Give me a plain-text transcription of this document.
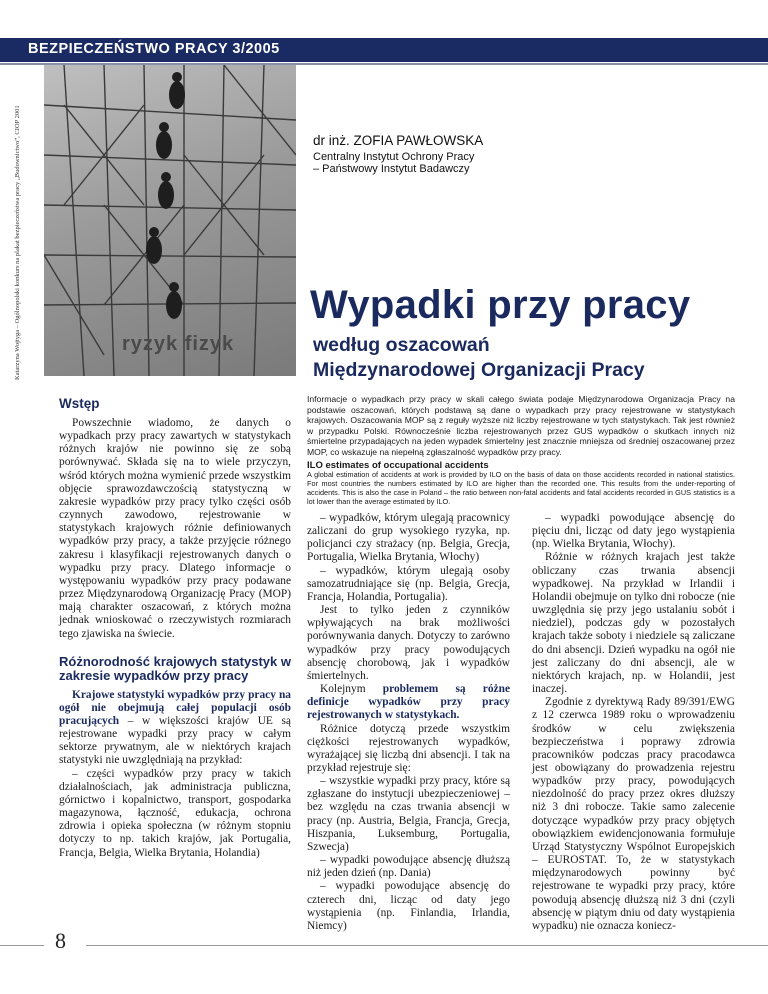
BEZPIECZEŃSTWO PRACY 3/2005
ryzyk fizyk
Katarzyna Wojtyga – Ogólnopolski konkurs na plakat bezpieczeństwa pracy „Budownictwo”, CIOP 2001	dr inż. ZOFIA PAWŁOWSKA
Centralny Instytut Ochrony Pracy
– Państwowy Instytut Badawczy
Wypadki przy pracy
według oszacowań
Międzynarodowej Organizacji Pracy
Informacje o wypadkach przy pracy w skali całego świata podaje Międzynarodowa Organizacja Pracy na podstawie oszacowań, których podstawą są dane o wypadkach przy pracy rejestrowane w statystykach krajowych. Oszacowania MOP są z reguły wyższe niż liczby rejestrowane w tych statystykach. Tak jest również w przypadku Polski. Równocześnie liczba rejestrowanych przez GUS wypadków o skutkach innych niż śmiertelne przypadających na jeden wypadek śmiertelny jest znacznie mniejsza od średniej oszacowanej przez MOP, co wskazuje na niepełną zgłaszalność wypadków przy pracy.
ILO estimates of occupational accidents
A global estimation of accidents at work is provided by ILO on the basis of data on those accidents recorded in national statistics. For most countries the numbers estimated by ILO are higher than the recorded one. This results from the under-reporting of accidents. This is also the case in Poland – the ratio between non-fatal accidents and fatal accidents recorded in GUS statistics is a lot lower than the average estimated by ILO.

Wstęp

Powszechnie wiadomo, że danych o wypadkach przy pracy zawartych w statystykach różnych krajów nie powinno się ze sobą porównywać. Składa się na to wiele przyczyn, wśród których można wymienić przede wszystkim objęcie sprawozdawczością statystyczną w zakresie wypadków przy pracy tylko części osób czynnych zawodowo, rejestrowanie w statystykach krajowych różnie definiowanych wypadków przy pracy, a także przyjęcie różnego zakresu i klasyfikacji rejestrowanych danych o wypadku przy pracy. Dlatego informacje o występowaniu wypadków przy pracy podawane przez Międzynarodową Organizację Pracy (MOP) mają charakter oszacowań, z których można jednak wnioskować o rzeczywistych rozmiarach tego zjawiska na świecie.

Różnorodność krajowych statystyk w zakresie wypadków przy pracy

Krajowe statystyki wypadków przy pracy na ogół nie obejmują całej populacji osób pracujących – w większości krajów UE są rejestrowane wypadki przy pracy w całym sektorze prywatnym, ale w niektórych krajach statystyki nie uwzględniają na przykład:

– części wypadków przy pracy w takich działalnościach, jak administracja publiczna, górnictwo i kopalnictwo, transport, gospodarka magazynowa, łączność, edukacja, ochrona zdrowia i opieka społeczna (w różnym stopniu dotyczy to np. takich krajów, jak Portugalia, Francja, Belgia, Wielka Brytania, Holandia)

– wypadków, którym ulegają pracownicy zaliczani do grup wysokiego ryzyka, np. policjanci czy strażacy (np. Belgia, Grecja, Portugalia, Wielka Brytania, Włochy)

– wypadków, którym ulegają osoby samozatrudniające się (np. Belgia, Grecja, Francja, Holandia, Portugalia).

Jest to tylko jeden z czynników wpływających na brak możliwości porównywania danych. Dotyczy to zarówno wypadków przy pracy powodujących absencję chorobową, jak i wypadków śmiertelnych.

Kolejnym problemem są różne definicje wypadków przy pracy rejestrowanych w statystykach.

Różnice dotyczą przede wszystkim ciężkości rejestrowanych wypadków, wyrażającej się liczbą dni absencji. I tak na przykład rejestruje się:

– wszystkie wypadki przy pracy, które są zgłaszane do instytucji ubezpieczeniowej – bez względu na czas trwania absencji w pracy (np. Austria, Belgia, Francja, Grecja, Hiszpania, Luksemburg, Portugalia, Szwecja)

– wypadki powodujące absencję dłuższą niż jeden dzień (np. Dania)

– wypadki powodujące absencję do czterech dni, licząc od daty jego wystąpienia (np. Finlandia, Irlandia, Niemcy)

– wypadki powodujące absencję do pięciu dni, licząc od daty jego wystąpienia (np. Wielka Brytania, Włochy).

Różnie w różnych krajach jest także obliczany czas trwania absencji wypadkowej. Na przykład w Irlandii i Holandii obejmuje on tylko dni robocze (nie uwzględnia się przy jego ustalaniu sobót i niedziel), podczas gdy w pozostałych krajach także soboty i niedziele są zaliczane do dni absencji. Dzień wypadku na ogół nie jest zaliczany do dni absencji, ale w niektórych krajach, np. w Holandii, jest inaczej.

Zgodnie z dyrektywą Rady 89/391/EWG z 12 czerwca 1989 roku o wprowadzeniu środków w celu zwiększenia bezpieczeństwa i poprawy zdrowia pracowników podczas pracy pracodawca jest obowiązany do prowadzenia rejestru wypadków przy pracy, powodujących niezdolność do pracy przez okres dłuższy niż 3 dni robocze. Takie samo zalecenie dotyczące wypadków przy pracy objętych obowiązkiem ewidencjonowania formułuje Urząd Statystyczny Wspólnot Europejskich – EUROSTAT. To, że w statystykach międzynarodowych powinny być rejestrowane te wypadki przy pracy, które powodują absencję dłuższą niż 3 dni (czyli absencję w piątym dniu od daty wystąpienia wypadku) nie oznacza koniecz-

8
